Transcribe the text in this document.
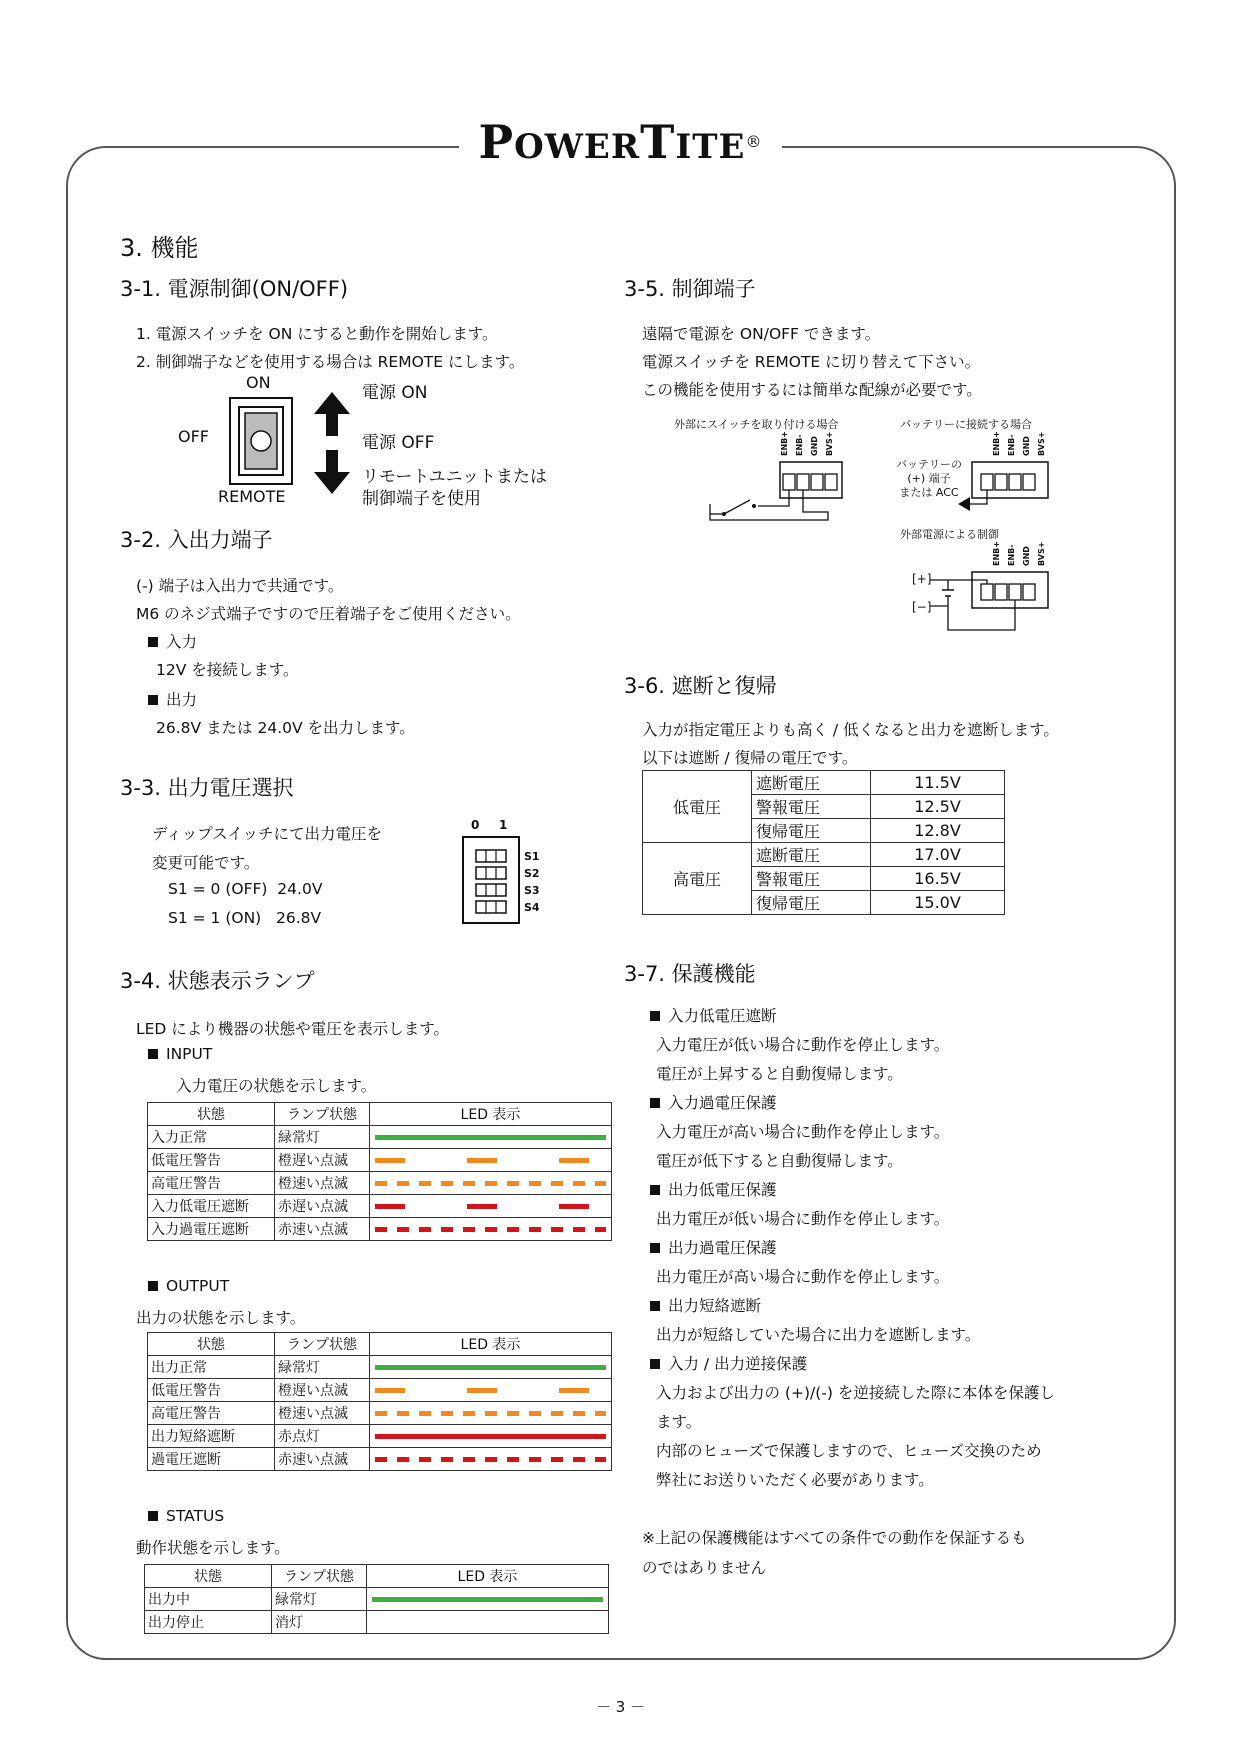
POWERTITE®
3. 機能
3-1. 電源制御(ON/OFF)
1. 電源スイッチを ON にすると動作を開始します。
2. 制御端子などを使用する場合は REMOTE にします。
ON
OFF
REMOTE
電源 ON
電源 OFF
リモートユニットまたは
制御端子を使用
3-2. 入出力端子
(-) 端子は入出力で共通です。
M6 のネジ式端子ですので圧着端子をご使用ください。
入力
12V を接続します。
出力
26.8V または 24.0V を出力します。
3-3. 出力電圧選択
ディップスイッチにて出力電圧を
変更可能です。
S1 = 0 (OFF)  24.0V
S1 = 1 (ON)   26.8V
0 1
S1
S2
S3
S4
3-4. 状態表示ランプ
LED により機器の状態や電圧を表示します。
INPUT
入力電圧の状態を示します。
状態	ランプ状態	LED 表示
入力正常	緑常灯	

低電圧警告	橙遅い点滅	

高電圧警告	橙速い点滅	

入力低電圧遮断	赤遅い点滅	

入力過電圧遮断	赤速い点滅	
OUTPUT
出力の状態を示します。
状態	ランプ状態	LED 表示
出力正常	緑常灯	

低電圧警告	橙遅い点滅	

高電圧警告	橙速い点滅	

出力短絡遮断	赤点灯	

過電圧遮断	赤速い点滅	
STATUS
動作状態を示します。
状態	ランプ状態	LED 表示
出力中	緑常灯	

出力停止	消灯	
3-5. 制御端子
遠隔で電源を ON/OFF できます。
電源スイッチを REMOTE に切り替えて下さい。
この機能を使用するには簡単な配線が必要です。
外部にスイッチを取り付ける場合	バッテリーに接続する場合
外部電源による制御
ENB+ ENB- GND BVS+	ENB+ ENB- GND BVS+
ENB+ ENB- GND BVS+
バッテリーの
(+) 端子
または ACC
[+]
[−]
3-6. 遮断と復帰
入力が指定電圧よりも高く / 低くなると出力を遮断します。
以下は遮断 / 復帰の電圧です。
低電圧	遮断電圧	11.5V
	警報電圧	12.5V
	復帰電圧	12.8V
高電圧	遮断電圧	17.0V
	警報電圧	16.5V
	復帰電圧	15.0V
3-7. 保護機能
入力低電圧遮断
入力電圧が低い場合に動作を停止します。
電圧が上昇すると自動復帰します。
入力過電圧保護
入力電圧が高い場合に動作を停止します。
電圧が低下すると自動復帰します。
出力低電圧保護
出力電圧が低い場合に動作を停止します。
出力過電圧保護
出力電圧が高い場合に動作を停止します。
出力短絡遮断
出力が短絡していた場合に出力を遮断します。
入力 / 出力逆接保護
入力および出力の (+)/(-) を逆接続した際に本体を保護し
ます。
内部のヒューズで保護しますので、ヒューズ交換のため
弊社にお送りいただく必要があります。
※上記の保護機能はすべての条件での動作を保証するも
のではありません
－ 3 －
